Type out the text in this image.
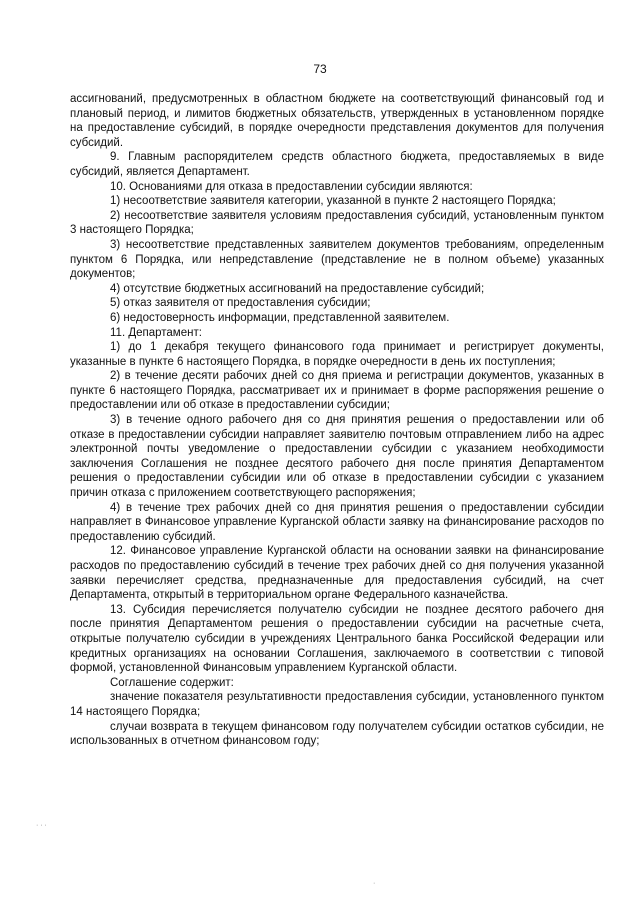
73

ассигнований, предусмотренных в областном бюджете на соответствующий финансовый год и плановый период, и лимитов бюджетных обязательств, утвержденных в установленном порядке на предоставление субсидий, в порядке очередности представления документов для получения субсидий.

9. Главным распорядителем средств областного бюджета, предоставляемых в виде субсидий, является Департамент.

10. Основаниями для отказа в предоставлении субсидии являются:

1) несоответствие заявителя категории, указанной в пункте 2 настоящего Порядка;

2) несоответствие заявителя условиям предоставления субсидий, установленным пунктом 3 настоящего Порядка;

3) несоответствие представленных заявителем документов требованиям, определенным пунктом 6 Порядка, или непредставление (представление не в полном объеме) указанных документов;

4) отсутствие бюджетных ассигнований на предоставление субсидий;

5) отказ заявителя от предоставления субсидии;

6) недостоверность информации, представленной заявителем.

11. Департамент:

1) до 1 декабря текущего финансового года принимает и регистрирует документы, указанные в пункте 6 настоящего Порядка, в порядке очередности в день их поступления;

2) в течение десяти рабочих дней со дня приема и регистрации документов, указанных в пункте 6 настоящего Порядка, рассматривает их и принимает в форме распоряжения решение о предоставлении или об отказе в предоставлении субсидии;

3) в течение одного рабочего дня со дня принятия решения о предоставлении или об отказе в предоставлении субсидии направляет заявителю почтовым отправлением либо на адрес электронной почты уведомление о предоставлении субсидии с указанием необходимости заключения Соглашения не позднее десятого рабочего дня после принятия Департаментом решения о предоставлении субсидии или об отказе в предоставлении субсидии с указанием причин отказа с приложением соответствующего распоряжения;

4) в течение трех рабочих дней со дня принятия решения о предоставлении субсидии направляет в Финансовое управление Курганской области заявку на финансирование расходов по предоставлению субсидий.

12. Финансовое управление Курганской области на основании заявки на финансирование расходов по предоставлению субсидий в течение трех рабочих дней со дня получения указанной заявки перечисляет средства, предназначенные для предоставления субсидий, на счет Департамента, открытый в территориальном органе Федерального казначейства.

13. Субсидия перечисляется получателю субсидии не позднее десятого рабочего дня после принятия Департаментом решения о предоставлении субсидии на расчетные счета, открытые получателю субсидии в учреждениях Центрального банка Российской Федерации или кредитных организациях на основании Соглашения, заключаемого в соответствии с типовой формой, установленной Финансовым управлением Курганской области.

Соглашение содержит:

значение показателя результативности предоставления субсидии, установленного пунктом 14 настоящего Порядка;

случаи возврата в текущем финансовом году получателем субсидии остатков субсидии, не использованных в отчетном финансовом году;

· · ·
·
